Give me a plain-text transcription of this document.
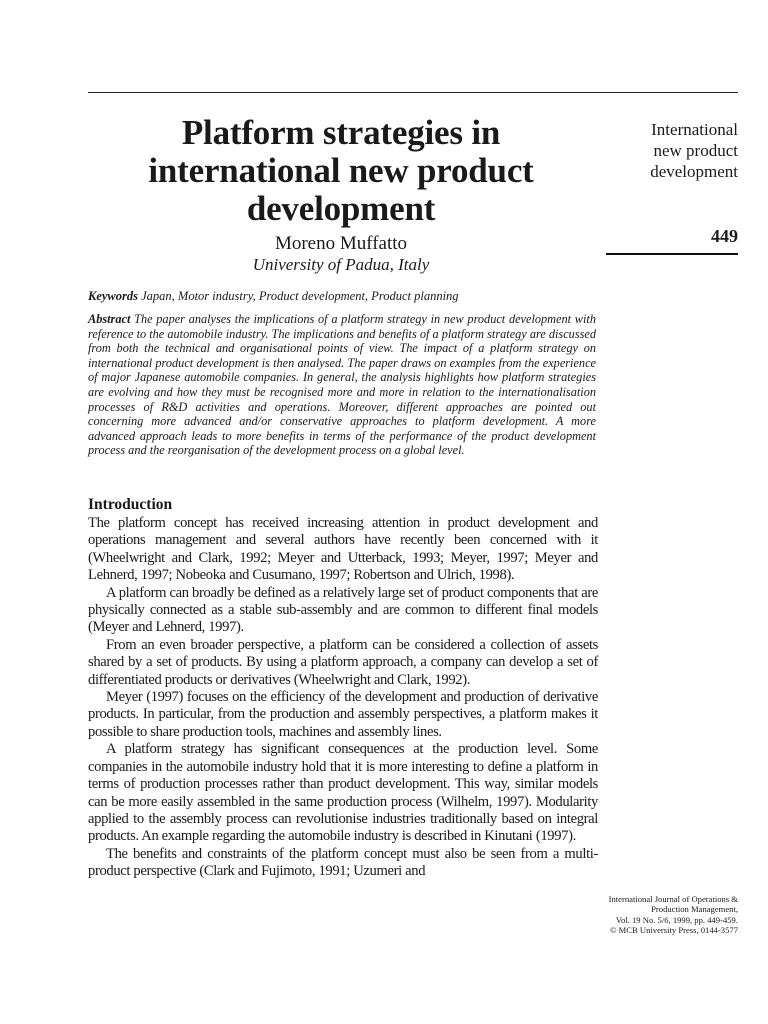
Platform strategies in international new product development
Moreno Muffatto
University of Padua, Italy
International
new product
development
449
Keywords Japan, Motor industry, Product development, Product planning

Abstract The paper analyses the implications of a platform strategy in new product development with reference to the automobile industry. The implications and benefits of a platform strategy are discussed from both the technical and organisational points of view. The impact of a platform strategy on international product development is then analysed. The paper draws on examples from the experience of major Japanese automobile companies. In general, the analysis highlights how platform strategies are evolving and how they must be recognised more and more in relation to the internationalisation processes of R&D activities and operations. Moreover, different approaches are pointed out concerning more advanced and/or conservative approaches to platform development. A more advanced approach leads to more benefits in terms of the performance of the product development process and the reorganisation of the development process on a global level.

Introduction

The platform concept has received increasing attention in product development and operations management and several authors have recently been concerned with it (Wheelwright and Clark, 1992; Meyer and Utterback, 1993; Meyer, 1997; Meyer and Lehnerd, 1997; Nobeoka and Cusumano, 1997; Robertson and Ulrich, 1998).

A platform can broadly be defined as a relatively large set of product components that are physically connected as a stable sub-assembly and are common to different final models (Meyer and Lehnerd, 1997).

From an even broader perspective, a platform can be considered a collection of assets shared by a set of products. By using a platform approach, a company can develop a set of differentiated products or derivatives (Wheelwright and Clark, 1992).

Meyer (1997) focuses on the efficiency of the development and production of derivative products. In particular, from the production and assembly perspectives, a platform makes it possible to share production tools, machines and assembly lines.

A platform strategy has significant consequences at the production level. Some companies in the automobile industry hold that it is more interesting to define a platform in terms of production processes rather than product development. This way, similar models can be more easily assembled in the same production process (Wilhelm, 1997). Modularity applied to the assembly process can revolutionise industries traditionally based on integral products. An example regarding the automobile industry is described in Kinutani (1997).

The benefits and constraints of the platform concept must also be seen from a multi-product perspective (Clark and Fujimoto, 1991; Uzumeri and

International Journal of Operations &
Production Management,
Vol. 19 No. 5/6, 1999, pp. 449-459.
© MCB University Press, 0144-3577
